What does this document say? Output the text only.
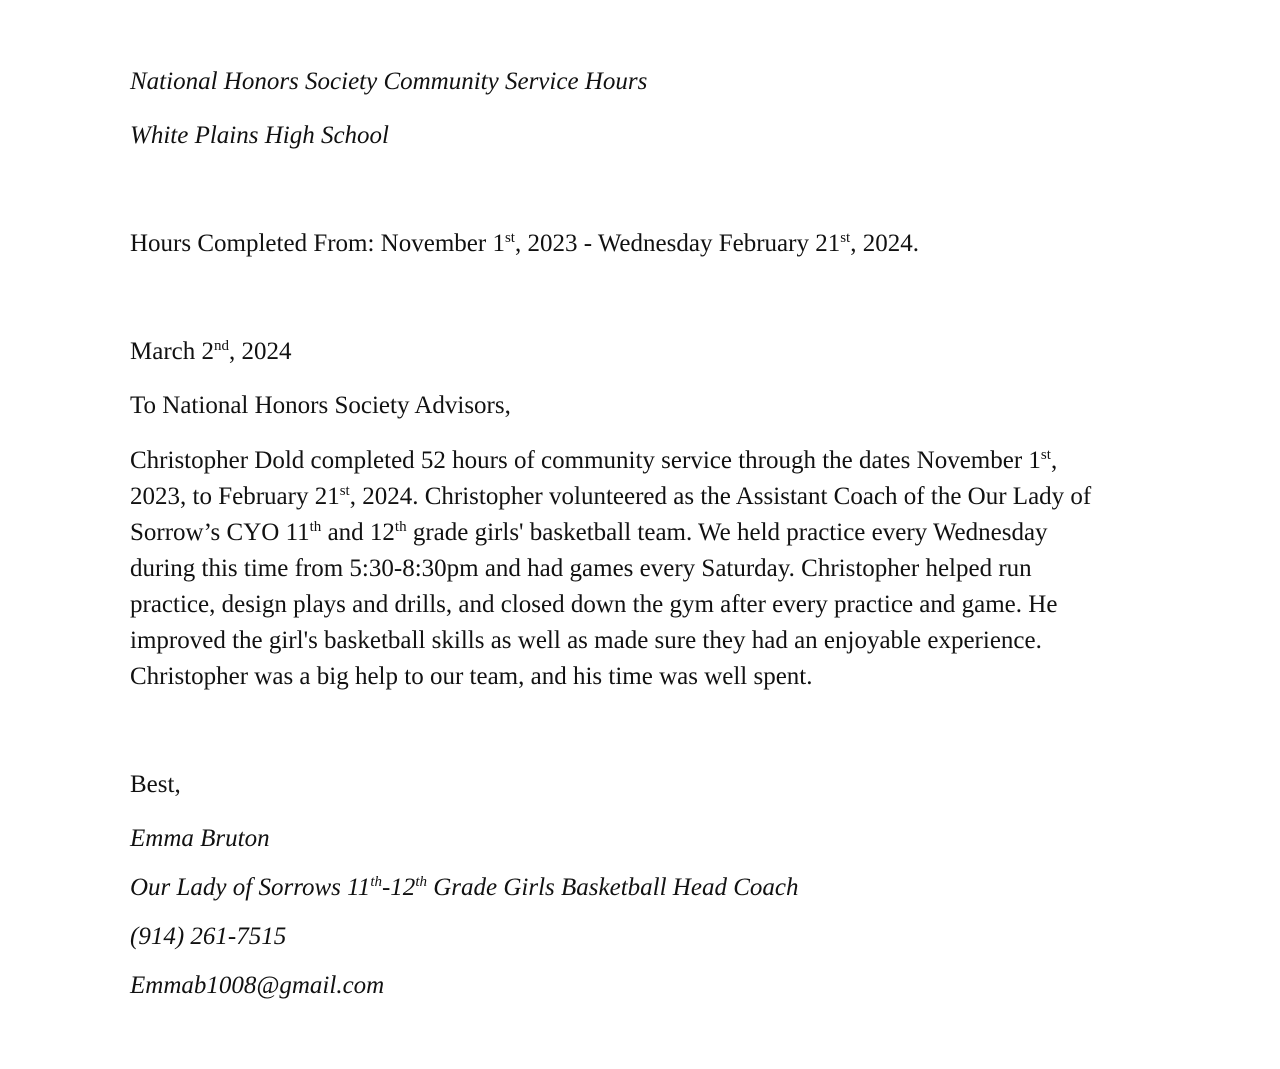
National Honors Society Community Service Hours
White Plains High School
Hours Completed From: November 1st, 2023 - Wednesday February 21st, 2024.
March 2nd, 2024
To National Honors Society Advisors,
Christopher Dold completed 52 hours of community service through the dates November 1st,
2023, to February 21st, 2024. Christopher volunteered as the Assistant Coach of the Our Lady of
Sorrow’s CYO 11th and 12th grade girls' basketball team. We held practice every Wednesday
during this time from 5:30-8:30pm and had games every Saturday. Christopher helped run
practice, design plays and drills, and closed down the gym after every practice and game. He
improved the girl's basketball skills as well as made sure they had an enjoyable experience.
Christopher was a big help to our team, and his time was well spent.
Best,
Emma Bruton
Our Lady of Sorrows 11th-12th Grade Girls Basketball Head Coach
(914) 261-7515
Emmab1008@gmail.com
